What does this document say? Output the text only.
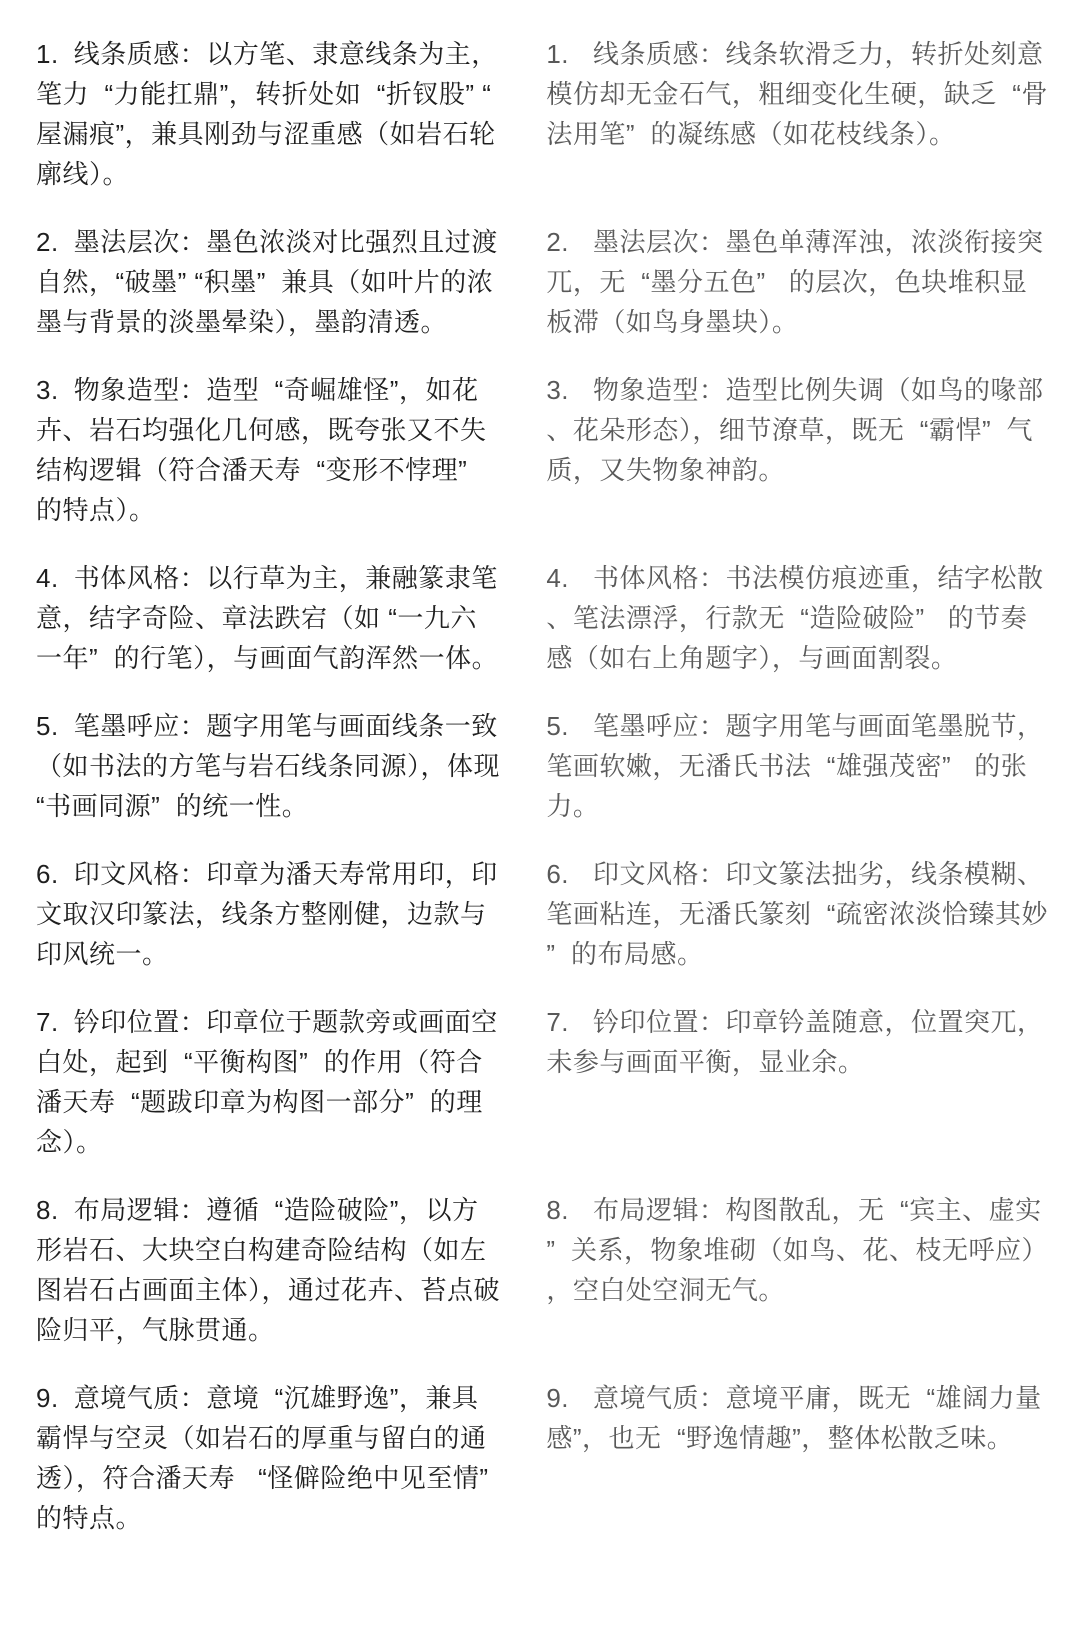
1. 线条质感：以方笔、隶意线条为主，笔力  “力能扛鼎”，转折处如  “折钗股” “屋漏痕”，兼具刚劲与涩重感（如岩石轮廓线）。

1. 线条质感：线条软滑乏力，转折处刻意模仿却无金石气，粗细变化生硬，缺乏  “骨法用笔”  的凝练感（如花枝线条）。

2. 墨法层次：墨色浓淡对比强烈且过渡自然，“破墨” “积墨”  兼具（如叶片的浓墨与背景的淡墨晕染），墨韵清透。

2. 墨法层次：墨色单薄浑浊，浓淡衔接突兀，无  “墨分五色”   的层次，色块堆积显板滞（如鸟身墨块）。

3. 物象造型：造型  “奇崛雄怪”，如花卉、岩石均强化几何感，既夸张又不失结构逻辑（符合潘天寿  “变形不悖理”  的特点）。

3. 物象造型：造型比例失调（如鸟的喙部、花朵形态），细节潦草，既无  “霸悍”  气质，又失物象神韵。

4. 书体风格：以行草为主，兼融篆隶笔意，结字奇险、章法跌宕（如 “一九六一年”  的行笔），与画面气韵浑然一体。

4. 书体风格：书法模仿痕迹重，结字松散、笔法漂浮，行款无  “造险破险”   的节奏感（如右上角题字），与画面割裂。

5. 笔墨呼应：题字用笔与画面线条一致（如书法的方笔与岩石线条同源），体现  “书画同源”  的统一性。

5. 笔墨呼应：题字用笔与画面笔墨脱节，笔画软嫩，无潘氏书法  “雄强茂密”   的张力。

6. 印文风格：印章为潘天寿常用印，印文取汉印篆法，线条方整刚健，边款与印风统一。

6. 印文风格：印文篆法拙劣，线条模糊、笔画粘连，无潘氏篆刻  “疏密浓淡恰臻其妙”  的布局感。

7. 钤印位置：印章位于题款旁或画面空白处，起到  “平衡构图”  的作用（符合潘天寿  “题跋印章为构图一部分”  的理念）。

7. 钤印位置：印章钤盖随意，位置突兀，未参与画面平衡，显业余。

8. 布局逻辑：遵循  “造险破险”，以方形岩石、大块空白构建奇险结构（如左图岩石占画面主体），通过花卉、苔点破险归平，气脉贯通。

8. 布局逻辑：构图散乱，无  “宾主、虚实”  关系，物象堆砌（如鸟、花、枝无呼应），空白处空洞无气。

9. 意境气质：意境  “沉雄野逸”，兼具霸悍与空灵（如岩石的厚重与留白的通透），符合潘天寿   “怪僻险绝中见至情” 的特点。

9. 意境气质：意境平庸，既无  “雄阔力量感”，也无  “野逸情趣”，整体松散乏味。
